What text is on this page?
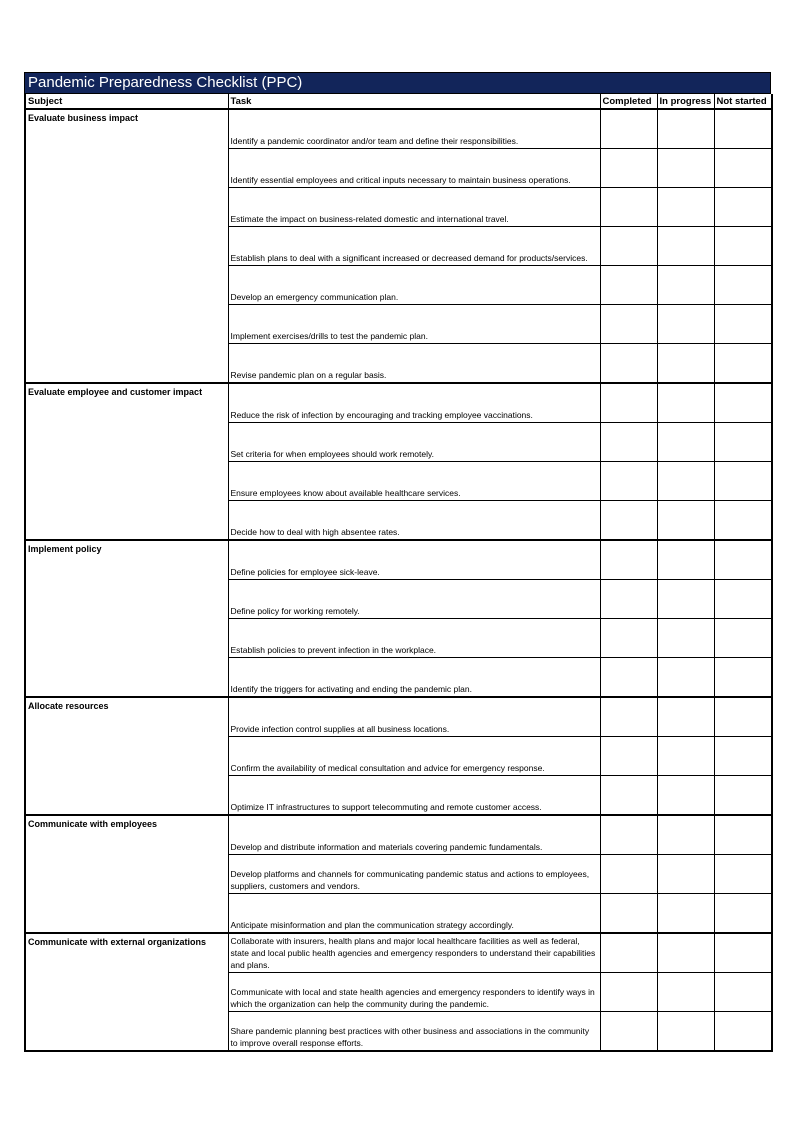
Pandemic Preparedness Checklist (PPC)
Subject	Task	Completed	In progress	Not started
Evaluate business impact	Identify a pandemic coordinator and/or team and define their responsibilities.			
	Identify essential employees and critical inputs necessary to maintain business operations.			
	Estimate the impact on business-related domestic and international travel.			
	Establish plans to deal with a significant increased or decreased demand for products/services.			
	Develop an emergency communication plan.			
	Implement exercises/drills to test the pandemic plan.			
	Revise pandemic plan on a regular basis.			
Evaluate employee and customer impact	Reduce the risk of infection by encouraging and tracking employee vaccinations.			
	Set criteria for when employees should work remotely.			
	Ensure employees know about available healthcare services.			
	Decide how to deal with high absentee rates.			
Implement policy	Define policies for employee sick-leave.			
	Define policy for working remotely.			
	Establish policies to prevent infection in the workplace.			
	Identify the triggers for activating and ending the pandemic plan.			
Allocate resources	Provide infection control supplies at all business locations.			
	Confirm the availability of medical consultation and advice for emergency response.			
	Optimize IT infrastructures to support telecommuting and remote customer access.			
Communicate with employees	Develop and distribute information and materials covering pandemic fundamentals.			
	Develop platforms and channels for communicating pandemic status and actions to employees, suppliers, customers and vendors.			
	Anticipate misinformation and plan the communication strategy accordingly.			
Communicate with external organizations	Collaborate with insurers, health plans and major local healthcare facilities as well as federal, state and local public health agencies and emergency responders to understand their capabilities and plans.			
	Communicate with local and state health agencies and emergency responders to identify ways in which the organization can help the community during the pandemic.			
	Share pandemic planning best practices with other business and associations in the community to improve overall response efforts.			
